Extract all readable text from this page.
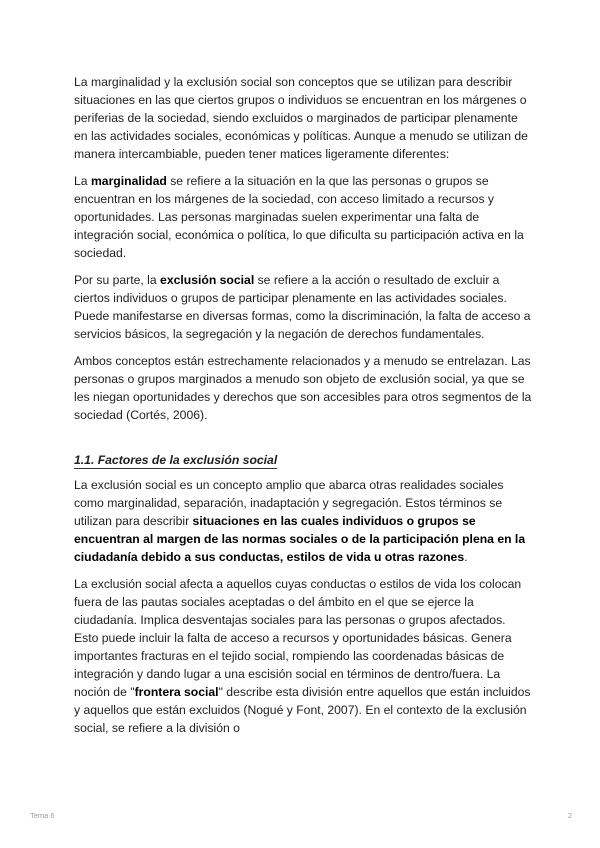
La marginalidad y la exclusión social son conceptos que se utilizan para describir situaciones en las que ciertos grupos o individuos se encuentran en los márgenes o periferias de la sociedad, siendo excluidos o marginados de participar plenamente en las actividades sociales, económicas y políticas. Aunque a menudo se utilizan de manera intercambiable, pueden tener matices ligeramente diferentes:

La marginalidad se refiere a la situación en la que las personas o grupos se encuentran en los márgenes de la sociedad, con acceso limitado a recursos y oportunidades. Las personas marginadas suelen experimentar una falta de integración social, económica o política, lo que dificulta su participación activa en la sociedad.

Por su parte, la exclusión social se refiere a la acción o resultado de excluir a ciertos individuos o grupos de participar plenamente en las actividades sociales. Puede manifestarse en diversas formas, como la discriminación, la falta de acceso a servicios básicos, la segregación y la negación de derechos fundamentales.

Ambos conceptos están estrechamente relacionados y a menudo se entrelazan. Las personas o grupos marginados a menudo son objeto de exclusión social, ya que se les niegan oportunidades y derechos que son accesibles para otros segmentos de la sociedad (Cortés, 2006).

1.1. Factores de la exclusión social

La exclusión social es un concepto amplio que abarca otras realidades sociales como marginalidad, separación, inadaptación y segregación. Estos términos se utilizan para describir situaciones en las cuales individuos o grupos se encuentran al margen de las normas sociales o de la participación plena en la ciudadanía debido a sus conductas, estilos de vida u otras razones.

La exclusión social afecta a aquellos cuyas conductas o estilos de vida los colocan fuera de las pautas sociales aceptadas o del ámbito en el que se ejerce la ciudadanía. Implica desventajas sociales para las personas o grupos afectados. Esto puede incluir la falta de acceso a recursos y oportunidades básicas. Genera importantes fracturas en el tejido social, rompiendo las coordenadas básicas de integración y dando lugar a una escisión social en términos de dentro/fuera. La noción de "frontera social" describe esta división entre aquellos que están incluidos y aquellos que están excluidos (Nogué y Font, 2007). En el contexto de la exclusión social, se refiere a la división o

Tema 6	2
